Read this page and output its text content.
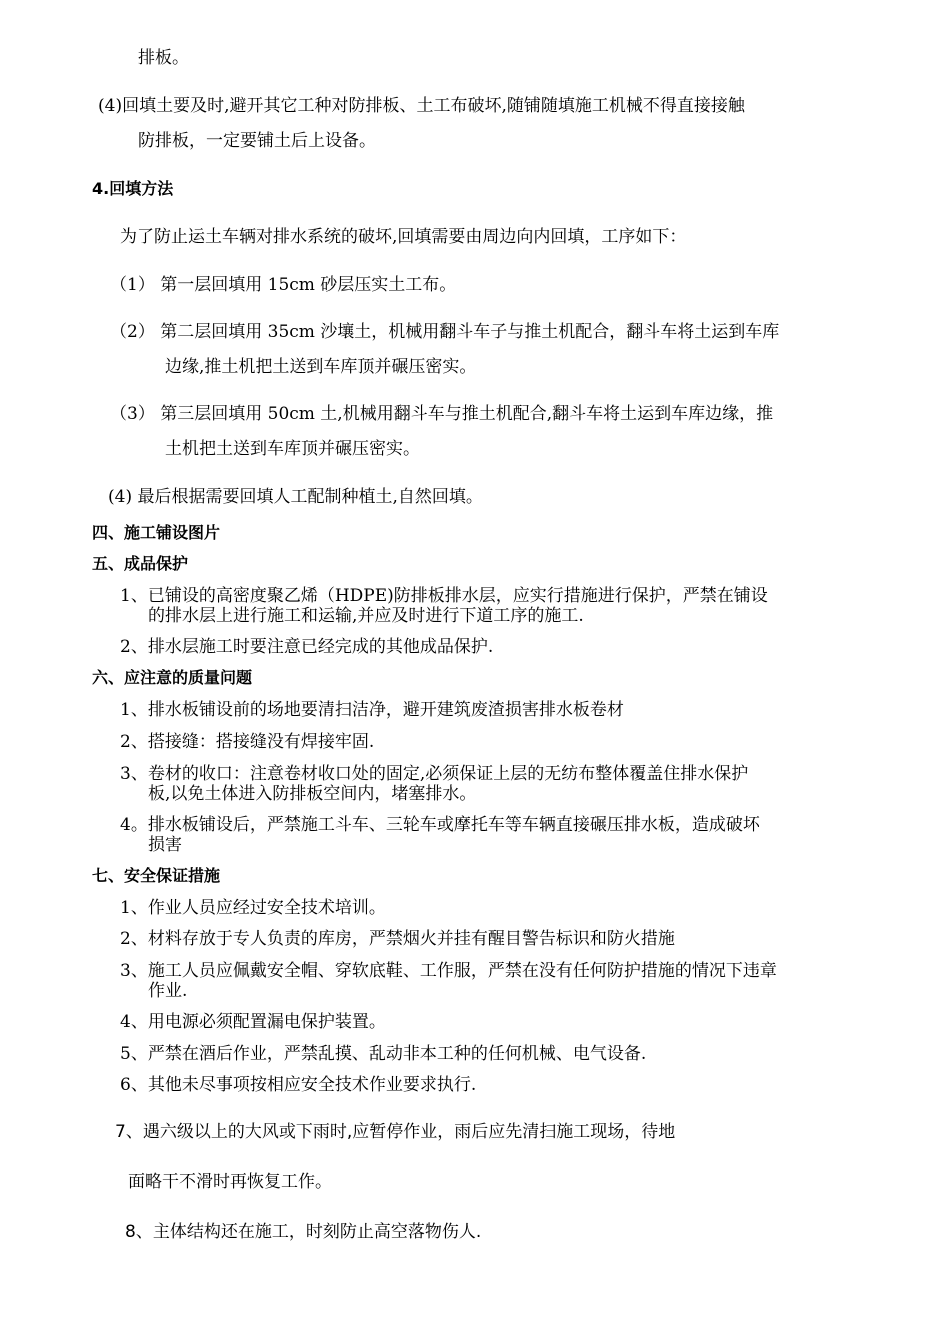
排板。
(4)回填土要及时,避开其它工种对防排板、土工布破坏,随铺随填施工机械不得直接接触
防排板，一定要铺土后上设备。
4.回填方法
为了防止运土车辆对排水系统的破坏,回填需要由周边向内回填，工序如下：
（1） 第一层回填用 15cm 砂层压实土工布。
（2） 第二层回填用 35cm 沙壤土，机械用翻斗车子与推土机配合，翻斗车将土运到车库
边缘,推土机把土送到车库顶并碾压密实。
（3） 第三层回填用 50cm 土,机械用翻斗车与推土机配合,翻斗车将土运到车库边缘，推
土机把土送到车库顶并碾压密实。
(4) 最后根据需要回填人工配制种植土,自然回填。
四、施工铺设图片
五、成品保护
1、已铺设的高密度聚乙烯（HDPE)防排板排水层，应实行措施进行保护，严禁在铺设
的排水层上进行施工和运输,并应及时进行下道工序的施工.
2、排水层施工时要注意已经完成的其他成品保护.
六、应注意的质量问题
1、排水板铺设前的场地要清扫洁净，避开建筑废渣损害排水板卷材
2、搭接缝：搭接缝没有焊接牢固.
3、卷材的收口：注意卷材收口处的固定,必须保证上层的无纺布整体覆盖住排水保护
板,以免土体进入防排板空间内，堵塞排水。
4。排水板铺设后，严禁施工斗车、三轮车或摩托车等车辆直接碾压排水板，造成破坏
损害
七、安全保证措施
1、作业人员应经过安全技术培训。
2、材料存放于专人负责的库房，严禁烟火并挂有醒目警告标识和防火措施
3、施工人员应佩戴安全帽、穿软底鞋、工作服，严禁在没有任何防护措施的情况下违章
作业.
4、用电源必须配置漏电保护装置。
5、严禁在酒后作业，严禁乱摸、乱动非本工种的任何机械、电气设备.
6、其他未尽事项按相应安全技术作业要求执行.
7、遇六级以上的大风或下雨时,应暂停作业，雨后应先清扫施工现场，待地
面略干不滑时再恢复工作。
8、主体结构还在施工，时刻防止高空落物伤人.
